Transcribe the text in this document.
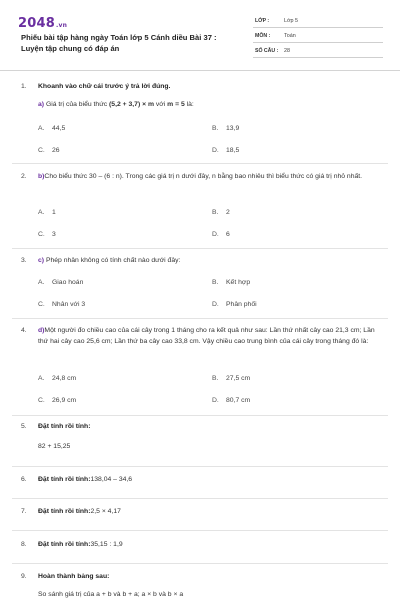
2048.vn
Phiếu bài tập hàng ngày Toán lớp 5 Cánh diều Bài 37 :
Luyện tập chung có đáp án
LỚP :	Lớp 5
MÔN :	Toán
SỐ CÂU : 28
1. Khoanh vào chữ cái trước ý trả lời đúng.
a) Giá trị của biểu thức (5,2 + 3,7) × m với m = 5 là:
A. 44,5	B. 13,9
C. 26	D. 18,5
2. b)Cho biểu thức 30 – (6 : n). Trong các giá trị n dưới đây, n bằng bao nhiêu thì biểu thức có giá trị nhỏ nhất.
A. 1	B. 2
C. 3	D. 6
3. c) Phép nhân không có tính chất nào dưới đây:
A. Giao hoán	B. Kết hợp
C. Nhân với 3	D. Phân phối
4. d)Một người đo chiều cao của cái cây trong 1 tháng cho ra kết quả như sau: Lần thứ nhất cây cao 21,3 cm; Lần thứ hai cây cao 25,6 cm; Lần thứ ba cây cao 33,8 cm. Vậy chiều cao trung bình của cái cây trong tháng đó là:
A. 24,8 cm	B. 27,5 cm
C. 26,9 cm	D. 80,7 cm
5. Đặt tính rồi tính:
82 + 15,25
6. Đặt tính rồi tính:138,04 – 34,6
7. Đặt tính rồi tính:2,5 × 4,17
8. Đặt tính rồi tính:35,15 : 1,9
9. Hoàn thành bảng sau:
So sánh giá trị của a + b và b + a; a × b và b × a
